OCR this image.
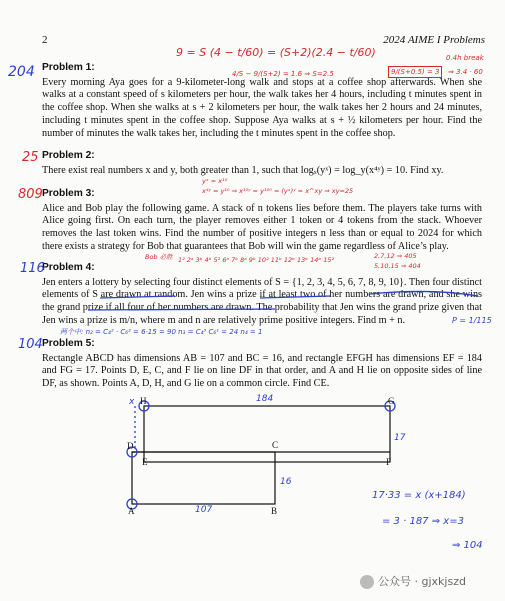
2	2024 AIME I Problems
Problem 1:
Every morning Aya goes for a 9-kilometer-long walk and stops at a coffee shop afterwards. When she walks at a constant speed of s kilometers per hour, the walk takes her 4 hours, including t minutes spent in the coffee shop. When she walks at s + 2 kilometers per hour, the walk takes her 2 hours and 24 minutes, including t minutes spent in the coffee shop. Suppose Aya walks at s + ½ kilometers per hour. Find the number of minutes the walk takes her, including the t minutes spent in the coffee shop.
Problem 2:
There exist real numbers x and y, both greater than 1, such that logₓ(yˣ) = log_y(x⁴ʸ) = 10. Find xy.
Problem 3:
Alice and Bob play the following game. A stack of n tokens lies before them. The players take turns with Alice going first. On each turn, the player removes either 1 token or 4 tokens from the stack. Whoever removes the last token wins. Find the number of positive integers n less than or equal to 2024 for which there exists a strategy for Bob that guarantees that Bob will win the game regardless of Alice’s play.
Problem 4:
Jen enters a lottery by selecting four distinct elements of S = {1, 2, 3, 4, 5, 6, 7, 8, 9, 10}. Then four distinct elements of S are drawn at random. Jen wins a prize if at least two of her numbers are drawn, and she wins the grand prize if all four of her numbers are drawn. The probability that Jen wins the grand prize given that Jen wins a prize is m/n, where m and n are relatively prime positive integers. Find m + n.
Problem 5:
Rectangle ABCD has dimensions AB = 107 and BC = 16, and rectangle EFGH has dimensions EF = 184 and FG = 17. Points D, E, C, and F lie on line DF in that order, and A and H lie on opposite sides of line DF, as shown. Points A, D, H, and G lie on a common circle. Find CE.
204
25
809
116
104
9 = S (4 − t/60) = (S+2)(2.4 − t/60)
4/S − 9/(S+2) = 1.6 ⇒ S=2.5	9/(S+0.5) = 3
0.4h break
⇒ 3.4 · 60
yˣ = x¹⁰
x⁴ʸ = y¹⁰ ⇒ x¹⁰ʸ = y¹⁰⁰ = (yˣ)ʸ = x^xy ⇒ xy=25
Bob 必胜 1² 2ᵃ 3ᵇ 4ᵇ 5² 6ᵃ 7ᵇ 8ᵃ 9ᵇ 10² 11ᵇ 12ᵇ 13ᵇ 14ᵇ 15²	2,7,12 ⇒ 405
5,10,15 ⇒ 404
两个中: n₂ = C₄² · C₆² = 6·15 = 90 n₃ = C₄³ C₆¹ = 24 n₄ = 1
P = 1/115
17·33 = x (x+184)
= 3 · 187 ⇒ x=3
⇒ 104
H	G
D
E
C
F
A	B
184
17
16
107
x
公众号 · gjxkjszd
